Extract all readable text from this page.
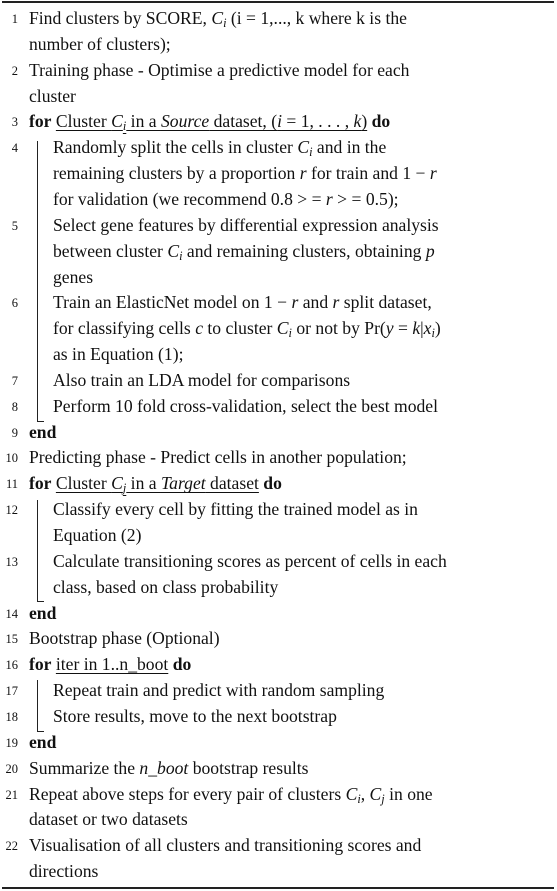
1 Find clusters by SCORE, $C_i$ (i = 1,..., k where k is the
number of clusters);
2 Training phase - Optimise a predictive model for each
cluster
3 for Cluster $C_i$ in a Source dataset, (i = 1, . . . , k) do
4 Randomly split the cells in cluster $C_i$ and in the
remaining clusters by a proportion r for train and 1 − r
for validation (we recommend 0.8 > = r > = 0.5);
5 Select gene features by differential expression analysis
between cluster $C_i$ and remaining clusters, obtaining p
genes
6 Train an ElasticNet model on 1 − r and r split dataset,
for classifying cells c to cluster $C_i$ or not by $Pr(y = k|x_i)$
as in Equation (1);
7 Also train an LDA model for comparisons
8 Perform 10 fold cross-validation, select the best model
9 end
10 Predicting phase - Predict cells in another population;
11 for Cluster $C_j$ in a Target dataset do
12 Classify every cell by fitting the trained model as in
Equation (2)
13 Calculate transitioning scores as percent of cells in each
class, based on class probability
14 end
15 Bootstrap phase (Optional)
16 for iter in 1..n_boot do
17 Repeat train and predict with random sampling
18 Store results, move to the next bootstrap
19 end
20 Summarize the n_boot bootstrap results
21 Repeat above steps for every pair of clusters $C_i$, $C_j$ in one
dataset or two datasets
22 Visualisation of all clusters and transitioning scores and
directions
